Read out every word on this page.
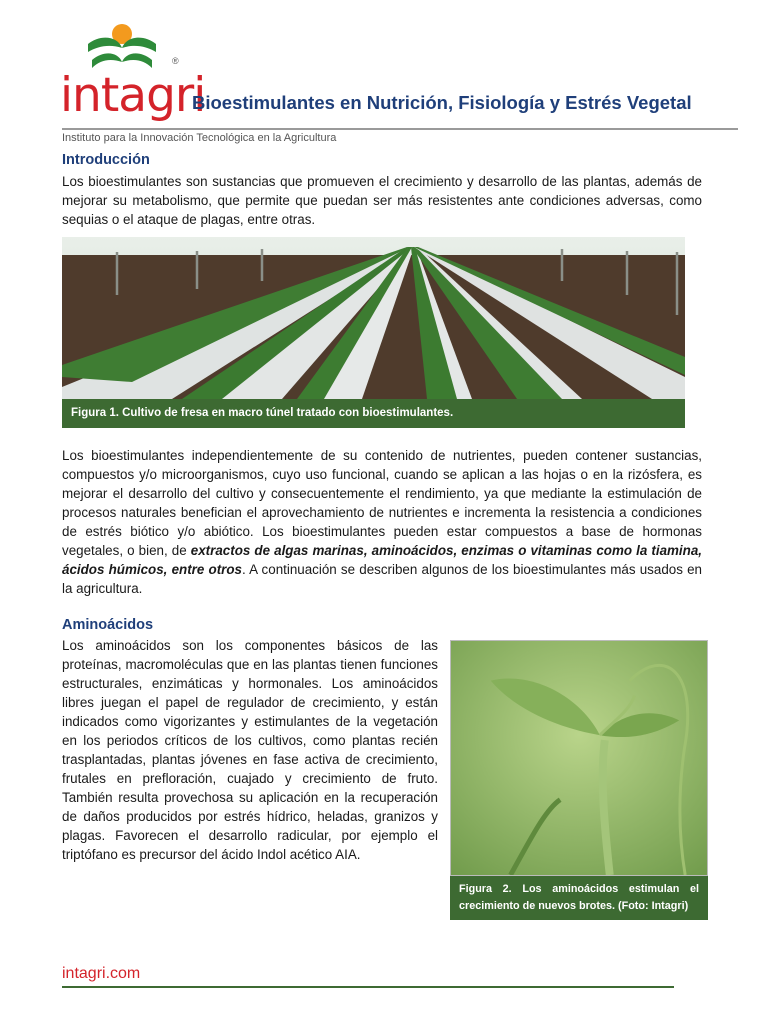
intagri
®
Bioestimulantes en Nutrición, Fisiología y Estrés Vegetal
Instituto para la Innovación Tecnológica en la Agricultura
Introducción
Los bioestimulantes son sustancias que promueven el crecimiento y desarrollo de las plantas, además de mejorar su metabolismo, que permite que puedan ser más resistentes ante condiciones adversas, como sequias o el ataque de plagas, entre otras.
Figura 1. Cultivo de fresa en macro túnel tratado con bioestimulantes.
Los bioestimulantes independientemente de su contenido de nutrientes, pueden contener sustancias, compuestos y/o microorganismos, cuyo uso funcional, cuando se aplican a las hojas o en la rizósfera, es mejorar el desarrollo del cultivo y consecuentemente el rendimiento, ya que mediante la estimulación de procesos naturales benefician el aprovechamiento de nutrientes e incrementa la resistencia a condiciones de estrés biótico y/o abiótico. Los bioestimulantes pueden estar compuestos a base de hormonas vegetales, o bien, de extractos de algas marinas, aminoácidos, enzimas o vitaminas como la tiamina, ácidos húmicos, entre otros. A continuación se describen algunos de los bioestimulantes más usados en la agricultura.
Aminoácidos
Los aminoácidos son los componentes básicos de las proteínas, macromoléculas que en las plantas tienen funciones estructurales, enzimáticas y hormonales. Los aminoácidos libres juegan el papel de regulador de crecimiento, y están indicados como vigorizantes y estimulantes de la vegetación en los periodos críticos de los cultivos, como plantas recién trasplantadas, plantas jóvenes en fase activa de crecimiento, frutales en prefloración, cuajado y crecimiento de fruto. También resulta provechosa su aplicación en la recuperación de daños producidos por estrés hídrico, heladas, granizos y plagas. Favorecen el desarrollo radicular, por ejemplo el triptófano es precursor del ácido Indol acético AIA.
Figura 2. Los aminoácidos estimulan el crecimiento de nuevos brotes. (Foto: Intagri)
intagri.com
